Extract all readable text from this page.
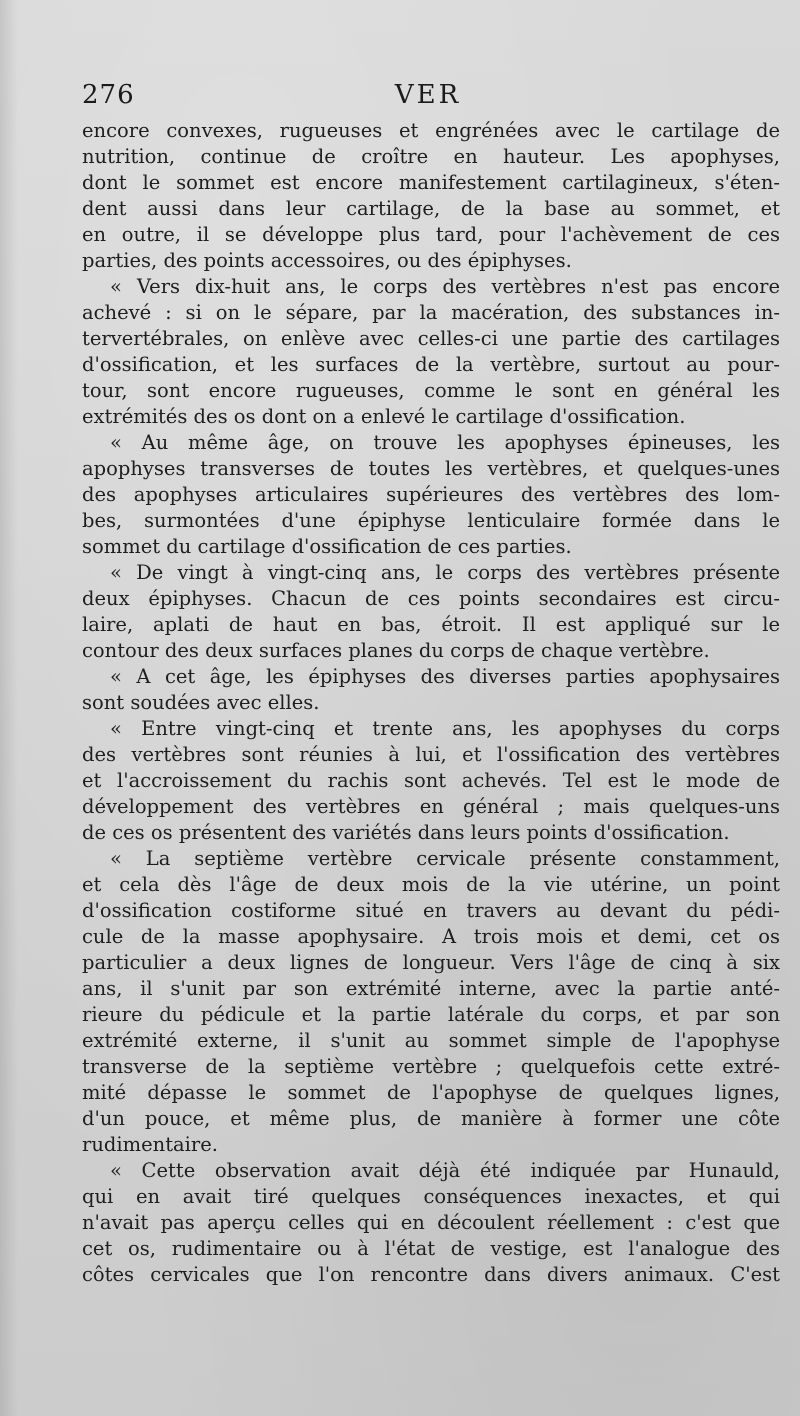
276	VER
encore convexes, rugueuses et engrénées avec le cartilage de
nutrition, continue de croître en hauteur. Les apophyses,
dont le sommet est encore manifestement cartilagineux, s'éten-
dent aussi dans leur cartilage, de la base au sommet, et
en outre, il se développe plus tard, pour l'achèvement de ces
parties, des points accessoires, ou des épiphyses.
« Vers dix-huit ans, le corps des vertèbres n'est pas encore
achevé : si on le sépare, par la macération, des substances in-
tervertébrales, on enlève avec celles-ci une partie des cartilages
d'ossification, et les surfaces de la vertèbre, surtout au pour-
tour, sont encore rugueuses, comme le sont en général les
extrémités des os dont on a enlevé le cartilage d'ossification.
« Au même âge, on trouve les apophyses épineuses, les
apophyses transverses de toutes les vertèbres, et quelques-unes
des apophyses articulaires supérieures des vertèbres des lom-
bes, surmontées d'une épiphyse lenticulaire formée dans le
sommet du cartilage d'ossification de ces parties.
« De vingt à vingt-cinq ans, le corps des vertèbres présente
deux épiphyses. Chacun de ces points secondaires est circu-
laire, aplati de haut en bas, étroit. Il est appliqué sur le
contour des deux surfaces planes du corps de chaque vertèbre.
« A cet âge, les épiphyses des diverses parties apophysaires
sont soudées avec elles.
« Entre vingt-cinq et trente ans, les apophyses du corps
des vertèbres sont réunies à lui, et l'ossification des vertèbres
et l'accroissement du rachis sont achevés. Tel est le mode de
développement des vertèbres en général ; mais quelques-uns
de ces os présentent des variétés dans leurs points d'ossification.
« La septième vertèbre cervicale présente constamment,
et cela dès l'âge de deux mois de la vie utérine, un point
d'ossification costiforme situé en travers au devant du pédi-
cule de la masse apophysaire. A trois mois et demi, cet os
particulier a deux lignes de longueur. Vers l'âge de cinq à six
ans, il s'unit par son extrémité interne, avec la partie anté-
rieure du pédicule et la partie latérale du corps, et par son
extrémité externe, il s'unit au sommet simple de l'apophyse
transverse de la septième vertèbre ; quelquefois cette extré-
mité dépasse le sommet de l'apophyse de quelques lignes,
d'un pouce, et même plus, de manière à former une côte
rudimentaire.
« Cette observation avait déjà été indiquée par Hunauld,
qui en avait tiré quelques conséquences inexactes, et qui
n'avait pas aperçu celles qui en découlent réellement : c'est que
cet os, rudimentaire ou à l'état de vestige, est l'analogue des
côtes cervicales que l'on rencontre dans divers animaux. C'est
